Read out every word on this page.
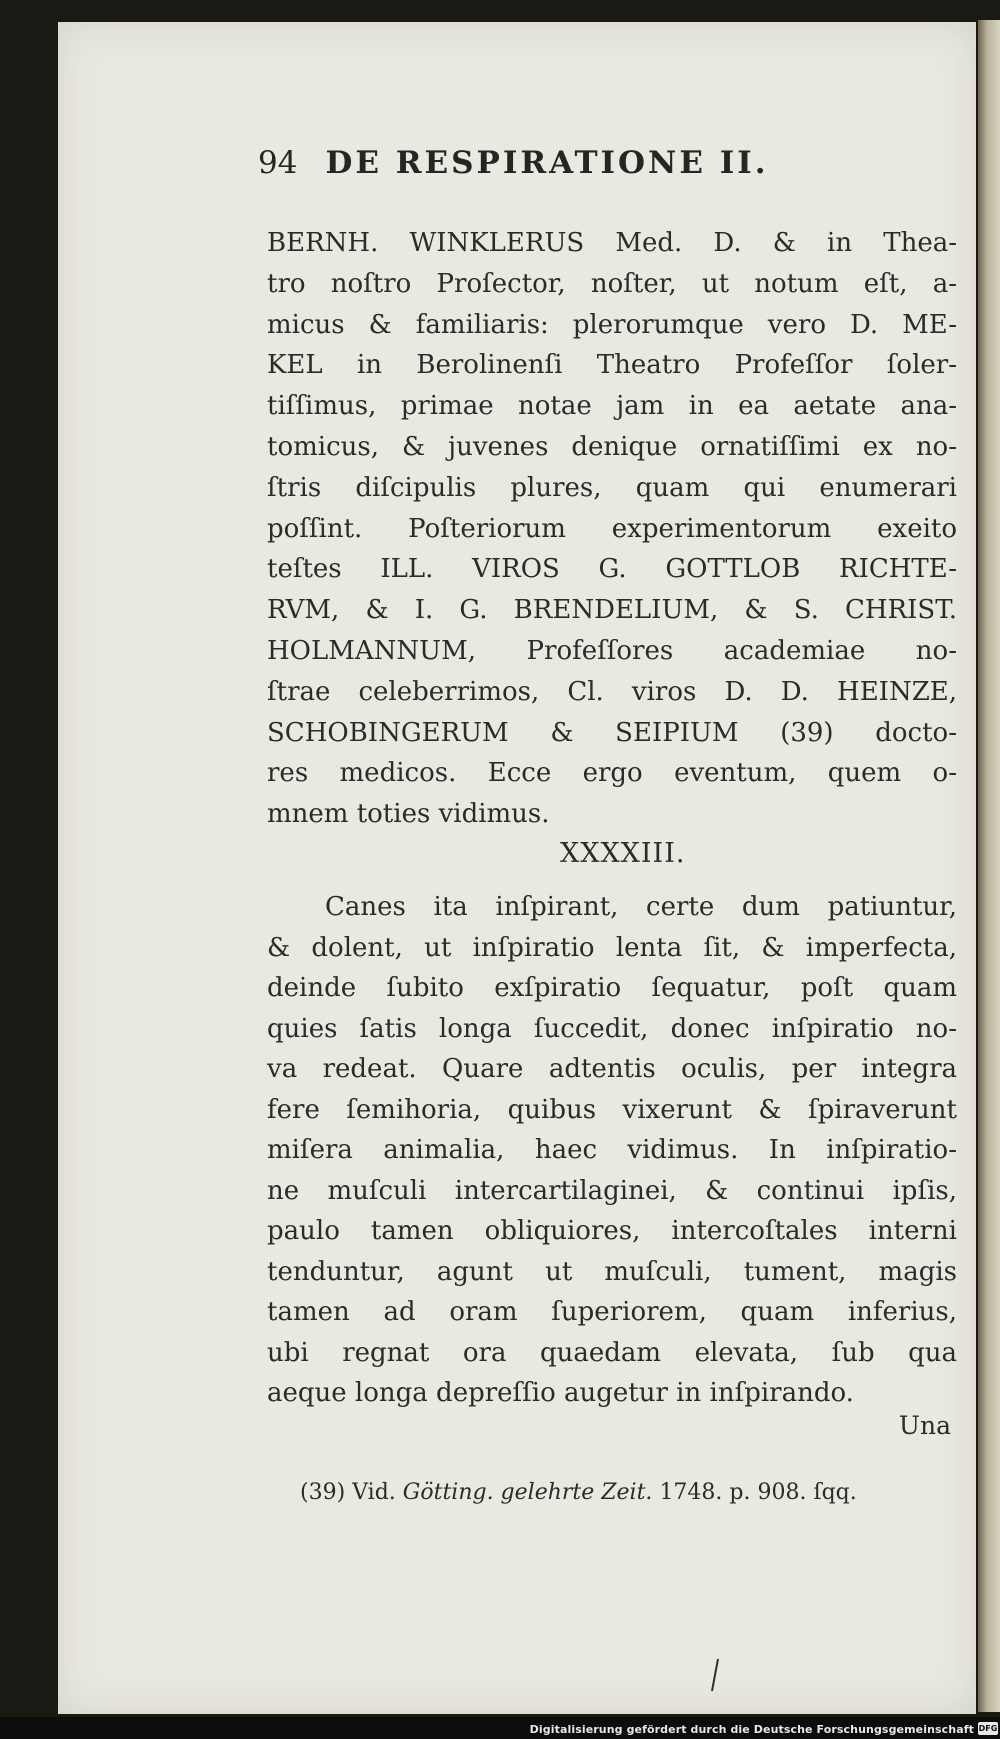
94 DE RESPIRATIONE II.
BERNH. WINKLERUS Med. D. & in Thea-
tro noſtro Proſector, noſter, ut notum eſt, a-
micus & familiaris: plerorumque vero D. ME-
KEL in Berolinenſi Theatro Profeſſor ſoler-
tiſſimus, primae notae jam in ea aetate ana-
tomicus, & juvenes denique ornatiſſimi ex no-
ſtris diſcipulis plures, quam qui enumerari
poſſint. Poſteriorum experimentorum exeito
teſtes ILL. VIROS G. GOTTLOB RICHTE-
RVM, & I. G. BRENDELIUM, & S. CHRIST.
HOLMANNUM, Profeſſores academiae no-
ſtrae celeberrimos, Cl. viros D. D. HEINZE,
SCHOBINGERUM & SEIPIUM (39) docto-
res medicos. Ecce ergo eventum, quem o-
mnem toties vidimus.
XXXXIII.
Canes ita inſpirant, certe dum patiuntur,
& dolent, ut inſpiratio lenta ſit, & imperfecta,
deinde ſubito exſpiratio ſequatur, poſt quam
quies ſatis longa ſuccedit, donec inſpiratio no-
va redeat. Quare adtentis oculis, per integra
fere ſemihoria, quibus vixerunt & ſpiraverunt
miſera animalia, haec vidimus. In inſpiratio-
ne muſculi intercartilaginei, & continui ipſis,
paulo tamen obliquiores, intercoſtales interni
tenduntur, agunt ut muſculi, tument, magis
tamen ad oram ſuperiorem, quam inferius,
ubi regnat ora quaedam elevata, ſub qua
aeque longa depreſſio augetur in inſpirando.
Una
(39) Vid. Götting. gelehrte Zeit. 1748. p. 908. ſqq.
Digitalisierung gefördert durch die Deutsche Forschungsgemeinschaft DFG
